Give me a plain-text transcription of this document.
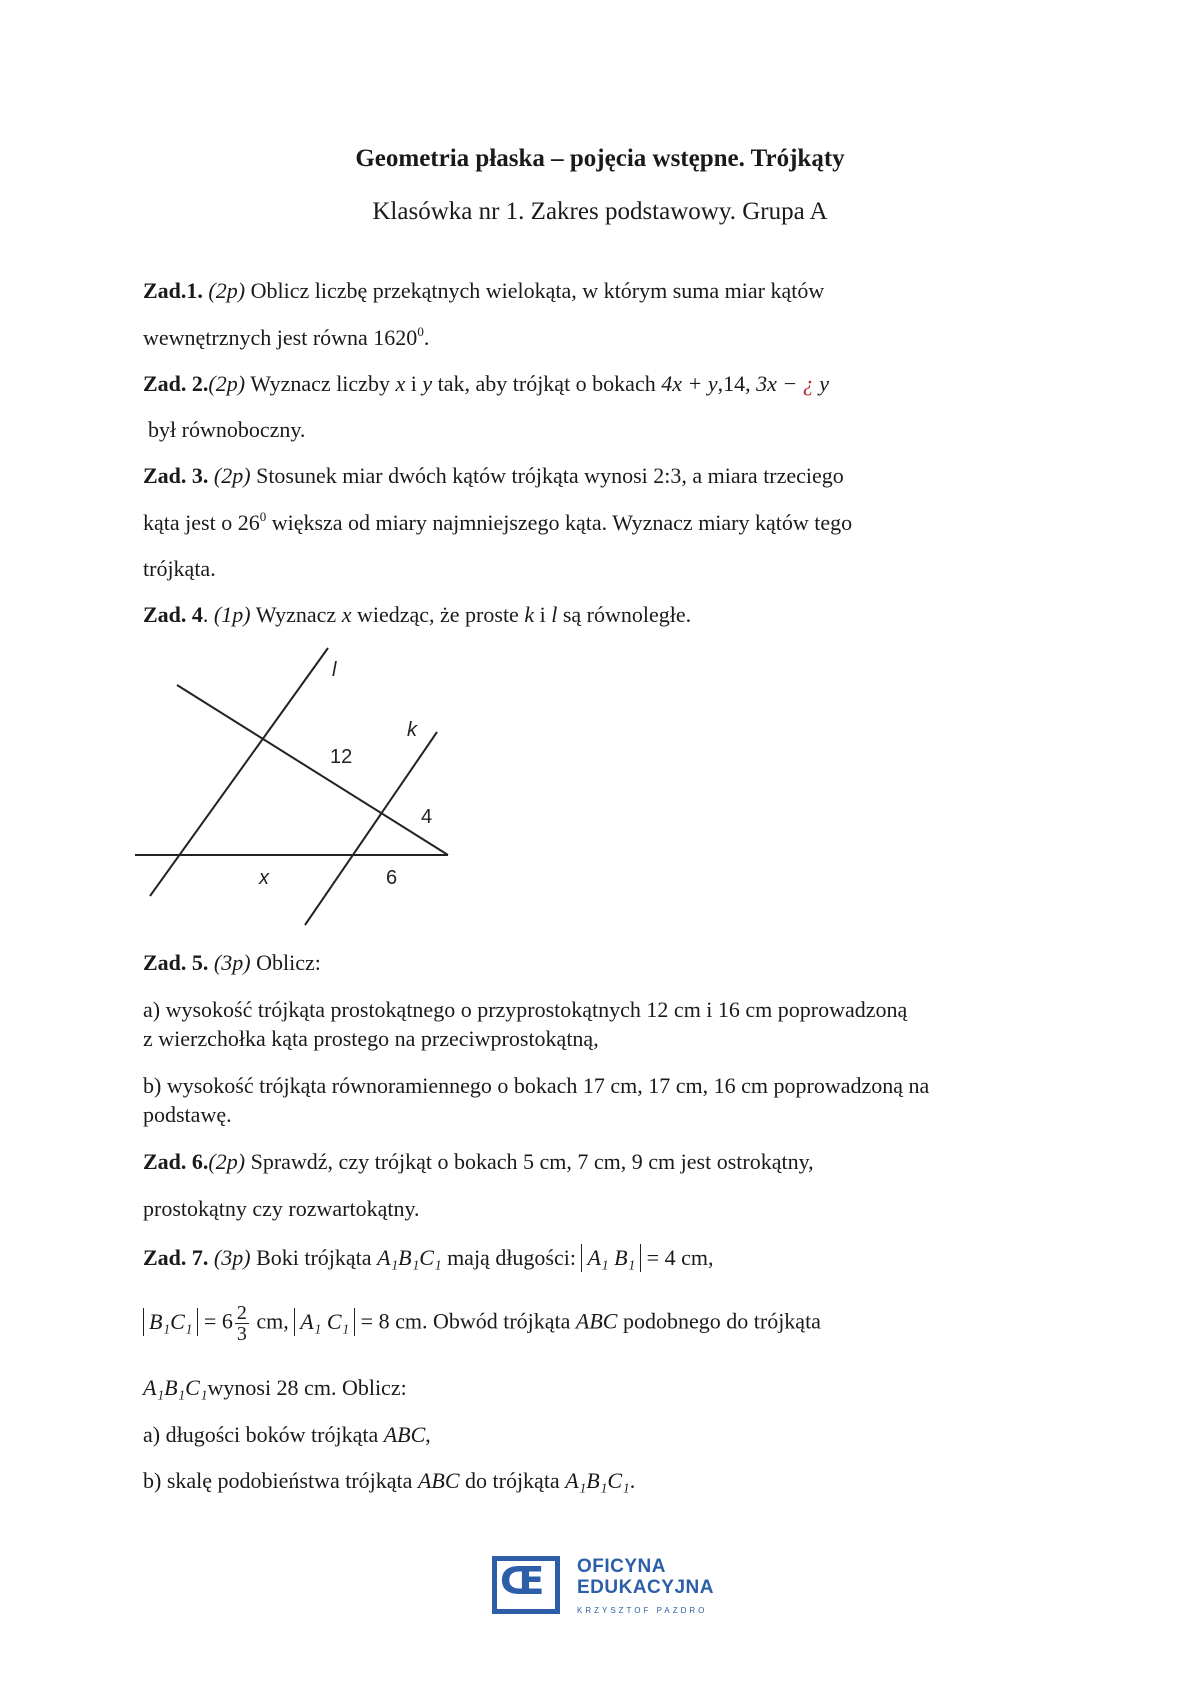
Geometria płaska – pojęcia wstępne. Trójkąty
Klasówka nr 1. Zakres podstawowy. Grupa A
Zad.1. (2p) Oblicz liczbę przekątnych wielokąta, w którym suma miar kątów
wewnętrznych jest równa 1620$^0$.
Zad. 2.(2p) Wyznacz liczby x i y tak, aby trójkąt o bokach 4x + y,14, 3x − ¿ y
był równoboczny.
Zad. 3. (2p) Stosunek miar dwóch kątów trójkąta wynosi 2:3, a miara trzeciego
kąta jest o $26^0$ większa od miary najmniejszego kąta. Wyznacz miary kątów tego
trójkąta.
Zad. 4. (1p) Wyznacz x wiedząc, że proste k i l są równoległe.
l
k
12
4
x	6
Zad. 5. (3p) Oblicz:
a) wysokość trójkąta prostokątnego o przyprostokątnych 12 cm i 16 cm poprowadzoną
z wierzchołka kąta prostego na przeciwprostokątną,
b) wysokość trójkąta równoramiennego o bokach 17 cm, 17 cm, 16 cm poprowadzoną na
podstawę.
Zad. 6.(2p) Sprawdź, czy trójkąt o bokach 5 cm, 7 cm, 9 cm jest ostrokątny,
prostokątny czy rozwartokątny.
Zad. 7. (3p) Boki trójkąta A₁B₁C₁ mają długości: A₁ B₁ = 4 cm,
$B_1C_1 = 6 \frac{2}{3}$ cm, A₁ C₁ = 8 cm. Obwód trójkąta ABC podobnego do trójkąta
A₁B₁C₁wynosi 28 cm. Oblicz:
a) długości boków trójkąta ABC,
b) skalę podobieństwa trójkąta ABC do trójkąta A₁B₁C₁.
Œ OFICYNA
EDUKACYJNA
KRZYSZTOF PAZDRO
